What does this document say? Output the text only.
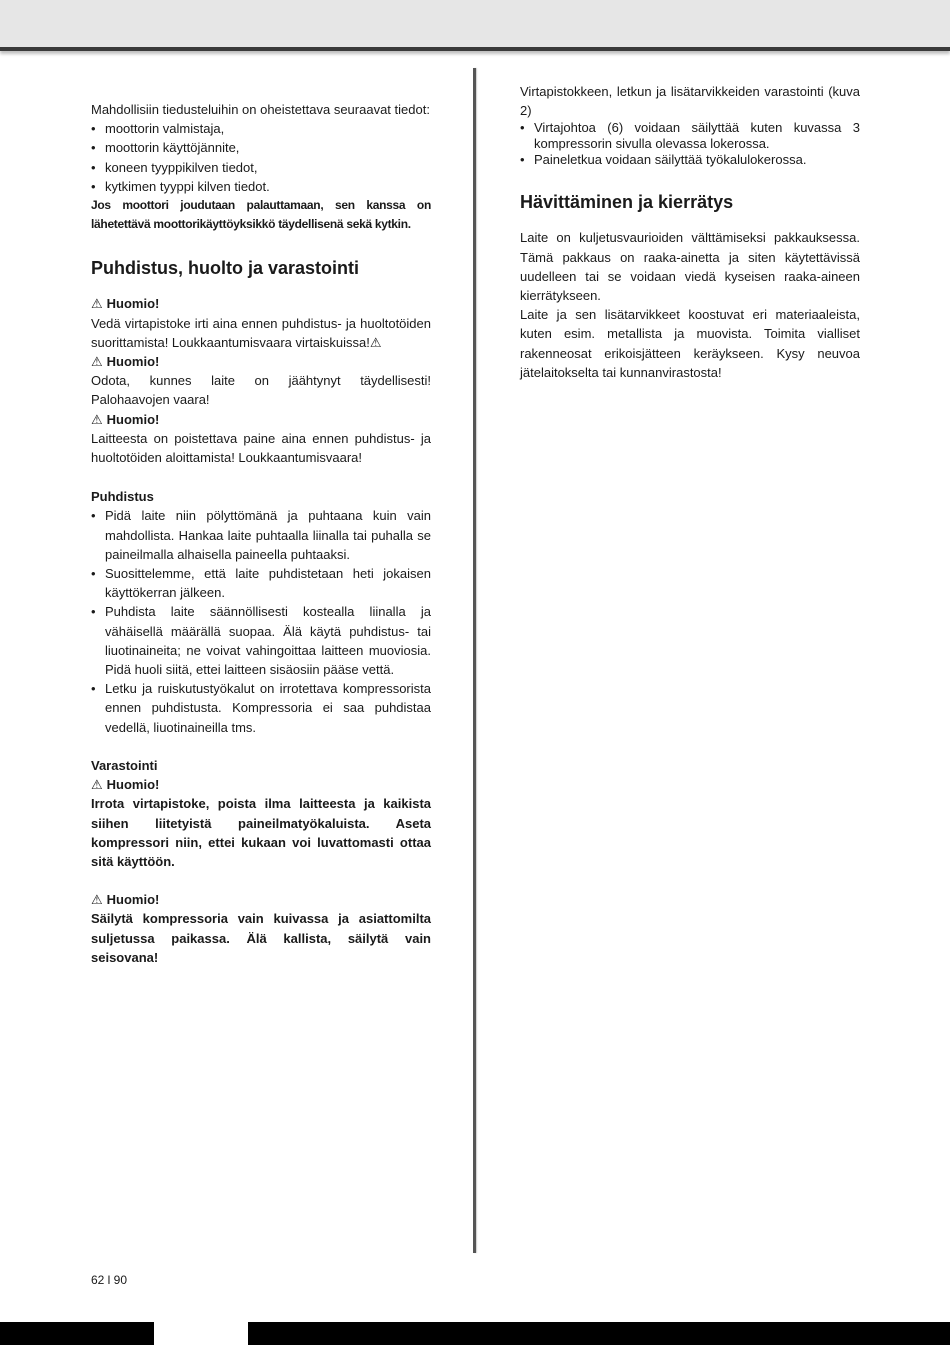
Mahdollisiin tiedusteluihin on oheistettava seuraavat tiedot:

• moottorin valmistaja,
• moottorin käyttöjännite,
• koneen tyyppikilven tiedot,
• kytkimen tyyppi kilven tiedot.

Jos moottori joudutaan palauttamaan, sen kanssa on lähetettävä moottorikäyttöyksikkö täydellisenä sekä kytkin.

Puhdistus, huolto ja varastointi
⚠ Huomio!

Vedä virtapistoke irti aina ennen puhdistus- ja huoltotöiden suorittamista! Loukkaantumisvaara virtaiskuissa!⚠

⚠ Huomio!

Odota, kunnes laite on jäähtynyt täydellisesti! Palohaavojen vaara!

⚠ Huomio!

Laitteesta on poistettava paine aina ennen puhdistus- ja huoltotöiden aloittamista! Loukkaantumisvaara!

Puhdistus
• Pidä laite niin pölyttömänä ja puhtaana kuin vain mahdollista. Hankaa laite puhtaalla liinalla tai puhalla se paineilmalla alhaisella paineella puhtaaksi.
• Suosittelemme, että laite puhdistetaan heti jokaisen käyttökerran jälkeen.
• Puhdista laite säännöllisesti kostealla liinalla ja vähäisellä määrällä suopaa. Älä käytä puhdistus- tai liuotinaineita; ne voivat vahingoittaa laitteen muoviosia. Pidä huoli siitä, ettei laitteen sisäosiin pääse vettä.
• Letku ja ruiskutustyökalut on irrotettava kompressorista ennen puhdistusta. Kompressoria ei saa puhdistaa vedellä, liuotinaineilla tms.
Varastointi
⚠ Huomio!

Irrota virtapistoke, poista ilma laitteesta ja kaikista siihen liitetyistä paineilmatyökaluista. Aseta kompressori niin, ettei kukaan voi luvattomasti ottaa sitä käyttöön.

⚠ Huomio!

Säilytä kompressoria vain kuivassa ja asiattomilta suljetussa paikassa. Älä kallista, säilytä vain seisovana!

Virtapistokkeen, letkun ja lisätarvikkeiden varastointi (kuva 2)

• Virtajohtoa (6) voidaan säilyttää kuten kuvassa 3 kompressorin sivulla olevassa lokerossa.
• Paineletkua voidaan säilyttää työkalulokerossa.
Hävittäminen ja kierrätys

Laite on kuljetusvaurioiden välttämiseksi pakkauksessa. Tämä pakkaus on raaka-ainetta ja siten käytettävissä uudelleen tai se voidaan viedä kyseisen raaka-aineen kierrätykseen.

Laite ja sen lisätarvikkeet koostuvat eri materiaaleista, kuten esim. metallista ja muovista. Toimita vialliset rakenneosat erikoisjätteen keräykseen. Kysy neuvoa jätelaitokselta tai kunnanvirastosta!

62 l 90
